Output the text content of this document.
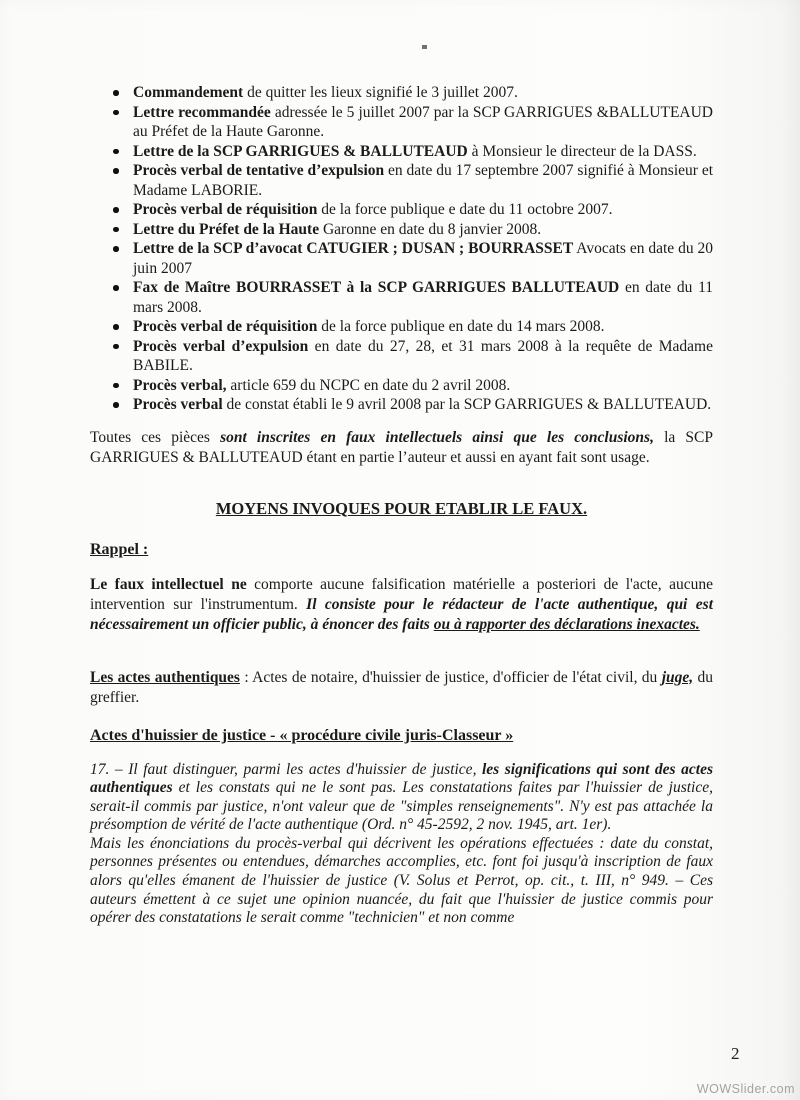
Commandement de quitter les lieux signifié le 3 juillet 2007.
Lettre recommandée adressée le 5 juillet 2007 par la SCP GARRIGUES &BALLUTEAUD au Préfet de la Haute Garonne.
Lettre de la SCP GARRIGUES & BALLUTEAUD à Monsieur le directeur de la DASS.
Procès verbal de tentative d’expulsion en date du 17 septembre 2007 signifié à Monsieur et Madame LABORIE.
Procès verbal de réquisition de la force publique e date du 11 octobre 2007.
Lettre du Préfet de la Haute Garonne en date du 8 janvier 2008.
Lettre de la SCP d’avocat CATUGIER ; DUSAN ; BOURRASSET Avocats en date du 20 juin 2007
Fax de Maître BOURRASSET à la SCP GARRIGUES BALLUTEAUD en date du 11 mars 2008.
Procès verbal de réquisition de la force publique en date du 14 mars 2008.
Procès verbal d’expulsion en date du 27, 28, et 31 mars 2008 à la requête de Madame BABILE.
Procès verbal, article 659 du NCPC en date du 2 avril 2008.
Procès verbal de constat établi le 9 avril 2008 par la SCP GARRIGUES & BALLUTEAUD.

Toutes ces pièces sont inscrites en faux intellectuels ainsi que les conclusions, la SCP GARRIGUES & BALLUTEAUD étant en partie l’auteur et aussi en ayant fait sont usage.

MOYENS INVOQUES POUR ETABLIR LE FAUX.
Rappel :

Le faux intellectuel ne comporte aucune falsification matérielle a posteriori de l'acte, aucune intervention sur l'instrumentum. Il consiste pour le rédacteur de l'acte authentique, qui est nécessairement un officier public, à énoncer des faits ou à rapporter des déclarations inexactes.

Les actes authentiques : Actes de notaire, d'huissier de justice, d'officier de l'état civil, du juge, du greffier.

Actes d'huissier de justice - « procédure civile juris-Classeur »

17. – Il faut distinguer, parmi les actes d'huissier de justice, les significations qui sont des actes authentiques et les constats qui ne le sont pas. Les constatations faites par l'huissier de justice, serait-il commis par justice, n'ont valeur que de "simples renseignements". N'y est pas attachée la présomption de vérité de l'acte authentique (Ord. n° 45-2592, 2 nov. 1945, art. 1er).

Mais les énonciations du procès-verbal qui décrivent les opérations effectuées : date du constat, personnes présentes ou entendues, démarches accomplies, etc. font foi jusqu'à inscription de faux alors qu'elles émanent de l'huissier de justice (V. Solus et Perrot, op. cit., t. III, n° 949. – Ces auteurs émettent à ce sujet une opinion nuancée, du fait que l'huissier de justice commis pour opérer des constatations le serait comme "technicien" et non comme

2
WOWSlider.com
